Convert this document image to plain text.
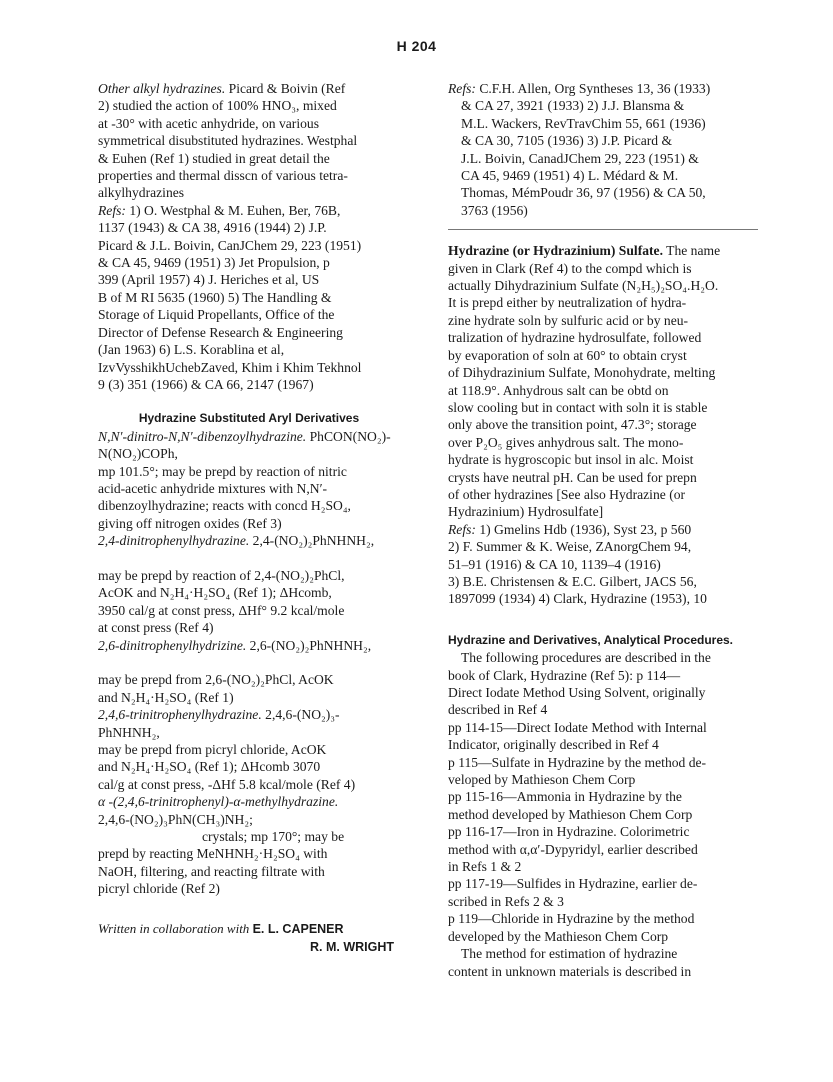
H 204
Other alkyl hydrazines. Picard & Boivin (Ref
2) studied the action of 100% HNO₃, mixed
at -30° with acetic anhydride, on various
symmetrical disubstituted hydrazines. Westphal
& Euhen (Ref 1) studied in great detail the
properties and thermal disscn of various tetra-
alkylhydrazines
Refs: 1) O. Westphal & M. Euhen, Ber, 76B,
1137 (1943) & CA 38, 4916 (1944) 2) J.P.
Picard & J.L. Boivin, CanJChem 29, 223 (1951)
& CA 45, 9469 (1951) 3) Jet Propulsion, p
399 (April 1957) 4) J. Heriches et al, US
B of M RI 5635 (1960) 5) The Handling &
Storage of Liquid Propellants, Office of the
Director of Defense Research & Engineering
(Jan 1963) 6) L.S. Korablina et al,
IzvVysshikhUchebZaved, Khim i Khim Tekhnol
9 (3) 351 (1966) & CA 66, 2147 (1967)
Hydrazine Substituted Aryl Derivatives
N,N′-dinitro-N,N′-dibenzoylhydrazine. PhCON(NO₂)-
N(NO₂)COPh,
mp 101.5°; may be prepd by reaction of nitric
acid-acetic anhydride mixtures with N,N′-
dibenzoylhydrazine; reacts with concd H₂SO₄,
giving off nitrogen oxides (Ref 3)
2,4-dinitrophenylhydrazine. 2,4-(NO₂)₂PhNHNH₂,

may be prepd by reaction of 2,4-(NO₂)₂PhCl,
AcOK and N₂H₄·H₂SO₄ (Ref 1); ΔHcomb,
3950 cal/g at const press, ΔHf° 9.2 kcal/mole
at const press (Ref 4)
2,6-dinitrophenylhydrizine. 2,6-(NO₂)₂PhNHNH₂,

may be prepd from 2,6-(NO₂)₂PhCl, AcOK
and N₂H₄·H₂SO₄ (Ref 1)
2,4,6-trinitrophenylhydrazine. 2,4,6-(NO₂)₃-
PhNHNH₂,
may be prepd from picryl chloride, AcOK
and N₂H₄·H₂SO₄ (Ref 1); ΔHcomb 3070
cal/g at const press, -ΔHf 5.8 kcal/mole (Ref 4)
α -(2,4,6-trinitrophenyl)-α-methylhydrazine.
2,4,6-(NO₂)₃PhN(CH₃)NH₂;
crystals; mp 170°; may be
prepd by reacting MeNHNH₂·H₂SO₄ with
NaOH, filtering, and reacting filtrate with
picryl chloride (Ref 2)
Written in collaboration with E. L. CAPENER
R. M. WRIGHT
Refs: C.F.H. Allen, Org Syntheses 13, 36 (1933)
& CA 27, 3921 (1933) 2) J.J. Blansma &
M.L. Wackers, RevTravChim 55, 661 (1936)
& CA 30, 7105 (1936) 3) J.P. Picard &
J.L. Boivin, CanadJChem 29, 223 (1951) &
CA 45, 9469 (1951) 4) L. Médard & M.
Thomas, MémPoudr 36, 97 (1956) & CA 50,
3763 (1956)
Hydrazine (or Hydrazinium) Sulfate. The name
given in Clark (Ref 4) to the compd which is
actually Dihydrazinium Sulfate (N₂H₅)₂SO₄.H₂O.
It is prepd either by neutralization of hydra-
zine hydrate soln by sulfuric acid or by neu-
tralization of hydrazine hydrosulfate, followed
by evaporation of soln at 60° to obtain cryst
of Dihydrazinium Sulfate, Monohydrate, melting
at 118.9°. Anhydrous salt can be obtd on
slow cooling but in contact with soln it is stable
only above the transition point, 47.3°; storage
over P₂O₅ gives anhydrous salt. The mono-
hydrate is hygroscopic but insol in alc. Moist
crysts have neutral pH. Can be used for prepn
of other hydrazines [See also Hydrazine (or
Hydrazinium) Hydrosulfate]
Refs: 1) Gmelins Hdb (1936), Syst 23, p 560
2) F. Summer & K. Weise, ZAnorgChem 94,
51–91 (1916) & CA 10, 1139–4 (1916)
3) B.E. Christensen & E.C. Gilbert, JACS 56,
1897099 (1934) 4) Clark, Hydrazine (1953), 10
Hydrazine and Derivatives, Analytical Procedures.
The following procedures are described in the
book of Clark, Hydrazine (Ref 5): p 114—
Direct Iodate Method Using Solvent, originally
described in Ref 4
pp 114-15—Direct Iodate Method with Internal
Indicator, originally described in Ref 4
p 115—Sulfate in Hydrazine by the method de-
veloped by Mathieson Chem Corp
pp 115-16—Ammonia in Hydrazine by the
method developed by Mathieson Chem Corp
pp 116-17—Iron in Hydrazine. Colorimetric
method with α,α′-Dypyridyl, earlier described
in Refs 1 & 2
pp 117-19—Sulfides in Hydrazine, earlier de-
scribed in Refs 2 & 3
p 119—Chloride in Hydrazine by the method
developed by the Mathieson Chem Corp
The method for estimation of hydrazine
content in unknown materials is described in
